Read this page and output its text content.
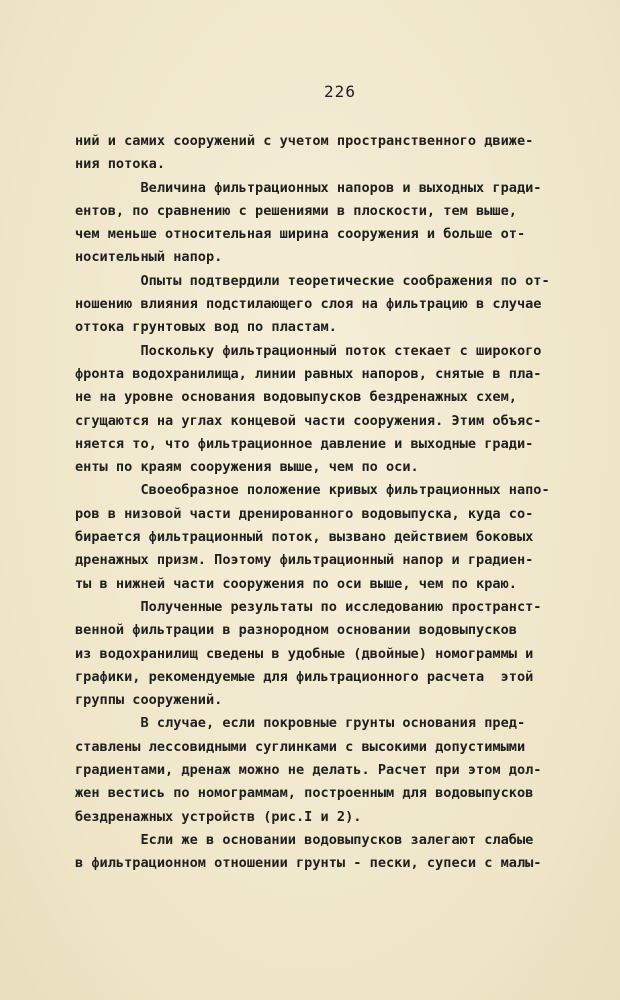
226
ний и самих сооружений с учетом пространственного движе-
ния потока.
Величина фильтрационных напоров и выходных гради-
ентов, по сравнению с решениями в плоскости, тем выше,
чем меньше относительная ширина сооружения и больше от-
носительный напор.
Опыты подтвердили теоретические соображения по от-
ношению влияния подстилающего слоя на фильтрацию в случае
оттока грунтовых вод по пластам.
Поскольку фильтрационный поток стекает с широкого
фронта водохранилища, линии равных напоров, снятые в пла-
не на уровне основания водовыпусков бездренажных схем,
сгущаются на углах концевой части сооружения. Этим объяс-
няется то, что фильтрационное давление и выходные гради-
енты по краям сооружения выше, чем по оси.
Своеобразное положение кривых фильтрационных напо-
ров в низовой части дренированного водовыпуска, куда со-
бирается фильтрационный поток, вызвано действием боковых
дренажных призм. Поэтому фильтрационный напор и градиен-
ты в нижней части сооружения по оси выше, чем по краю.
Полученные результаты по исследованию пространст-
венной фильтрации в разнородном основании водовыпусков
из водохранилищ сведены в удобные (двойные) номограммы и
графики, рекомендуемые для фильтрационного расчета  этой
группы сооружений.
В случае, если покровные грунты основания пред-
ставлены лессовидными суглинками с высокими допустимыми
градиентами, дренаж можно не делать. Расчет при этом дол-
жен вестись по номограммам, построенным для водовыпусков
бездренажных устройств (рис.I и 2).
Если же в основании водовыпусков залегают слабые
в фильтрационном отношении грунты - пески, супеси с малы-
